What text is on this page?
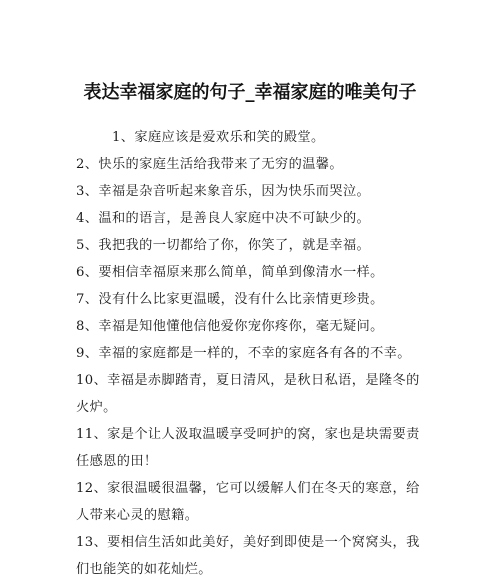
表达幸福家庭的句子_幸福家庭的唯美句子
1、家庭应该是爱欢乐和笑的殿堂。
2、快乐的家庭生活给我带来了无穷的温馨。
3、幸福是杂音听起来象音乐，因为快乐而哭泣。
4、温和的语言，是善良人家庭中决不可缺少的。
5、我把我的一切都给了你，你笑了，就是幸福。
6、要相信幸福原来那么简单，简单到像清水一样。
7、没有什么比家更温暖，没有什么比亲情更珍贵。
8、幸福是知他懂他信他爱你宠你疼你，毫无疑问。
9、幸福的家庭都是一样的，不幸的家庭各有各的不幸。
10、幸福是赤脚踏青，夏日清风，是秋日私语，是隆冬的
火炉。
11、家是个让人汲取温暖享受呵护的窝，家也是块需要责
任感恩的田！
12、家很温暖很温馨，它可以缓解人们在冬天的寒意，给
人带来心灵的慰籍。
13、要相信生活如此美好，美好到即使是一个窝窝头，我
们也能笑的如花灿烂。
